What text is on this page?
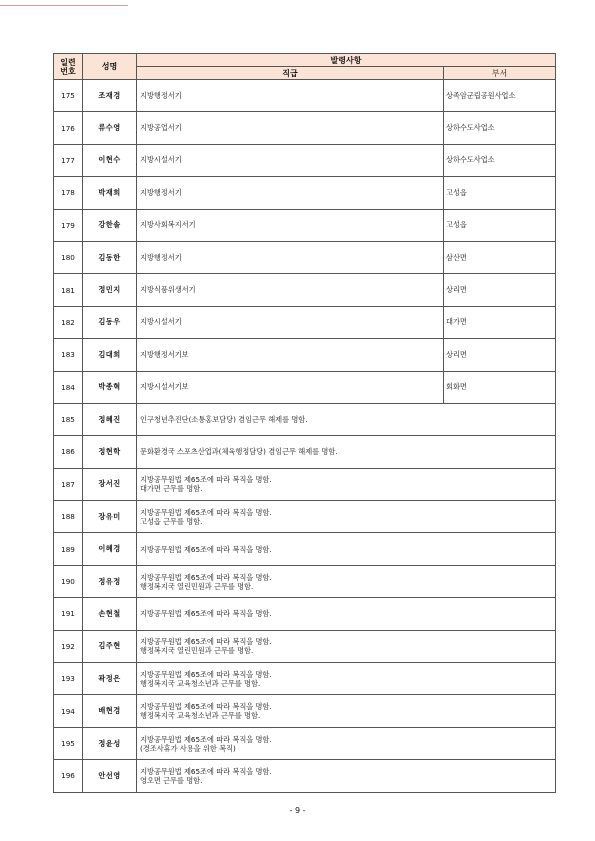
일련
번호	성명	발령사항	
		직급	부서
175	조재경	지방행정서기	상족암군립공원사업소
176	류수영	지방공업서기	상하수도사업소
177	이현수	지방시설서기	상하수도사업소
178	박재희	지방행정서기	고성읍
179	강한솔	지방사회복지서기	고성읍
180	김동한	지방행정서기	삼산면
181	정민지	지방식품위생서기	상리면
182	김동우	지방시설서기	대가면
183	김대희	지방행정서기보	상리면
184	박종혁	지방시설서기보	회화면
185	정혜진	인구청년추진단(소통홍보담당) 겸임근무 해제를 명함.	

186	정현학	문화환경국 스포츠산업과(체육행정담당) 겸임근무 해제를 명함.	

187	장서진	지방공무원법 제65조에 따라 복직을 명함.
대가면 근무를 명함.	

188	장유미	지방공무원법 제65조에 따라 복직을 명함.
고성읍 근무를 명함.	

189	이혜경	지방공무원법 제65조에 따라 복직을 명함.	

190	정유정	지방공무원법 제65조에 따라 복직을 명함.
행정복지국 열린민원과 근무를 명함.	

191	손현철	지방공무원법 제65조에 따라 복직을 명함.	

192	김주현	지방공무원법 제65조에 따라 복직을 명함.
행정복지국 열린민원과 근무를 명함.	

193	곽정은	지방공무원법 제65조에 따라 복직을 명함.
행정복지국 교육청소년과 근무를 명함.	

194	배현경	지방공무원법 제65조에 따라 복직을 명함.
행정복지국 교육청소년과 근무를 명함.	

195	정윤성	지방공무원법 제65조에 따라 복직을 명함.
(경조사휴가 사용을 위한 복직)	

196	안선영	지방공무원법 제65조에 따라 복직을 명함.
영오면 근무를 명함.	
- 9 -
